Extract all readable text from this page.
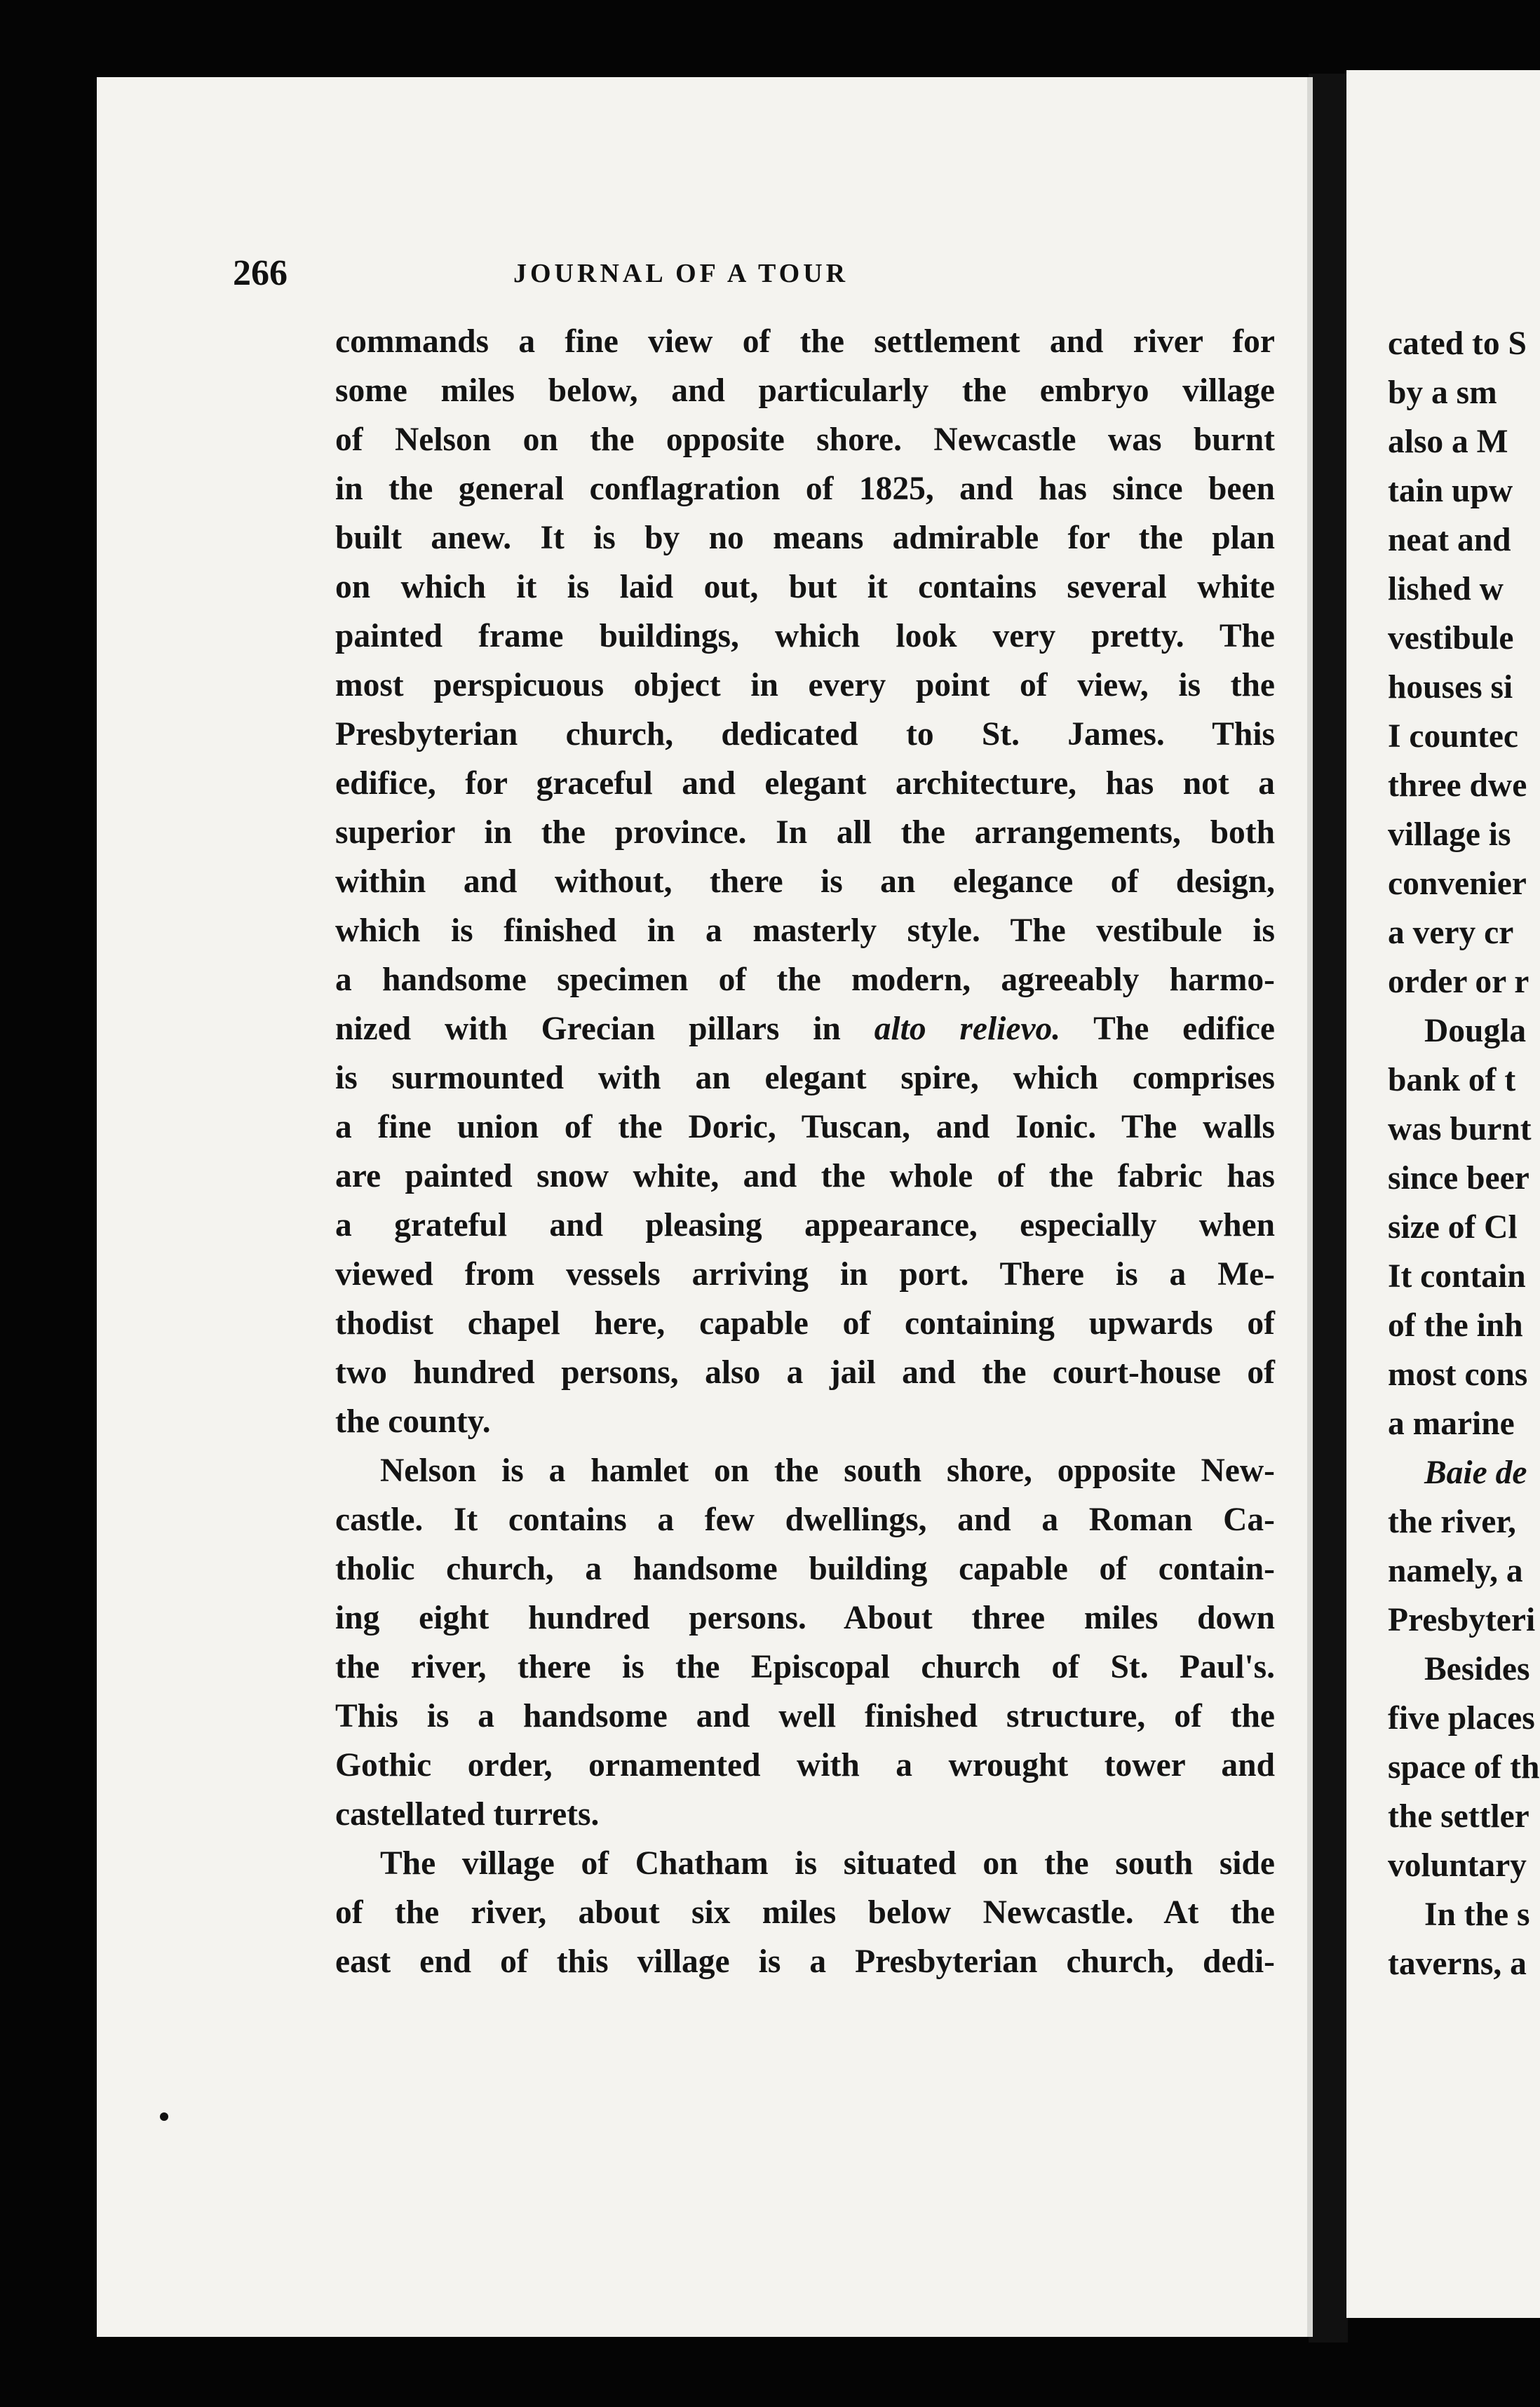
cated to S
by a sm
also a M
tain upw
neat and
lished w
vestibule
houses si
I countec
three dwe
village is
convenier
a very cr
order or r
Dougla
bank of t
was burnt
since beer
size of Cl
It contain
of the inh
most cons
a marine
Baie de
the river,
namely, a
Presbyteri
Besides
five places
space of th
the settler
voluntary
In the s
taverns, a
266	JOURNAL OF A TOUR
commands a fine view of the settlement and river for
some miles below, and particularly the embryo village
of Nelson on the opposite shore. Newcastle was burnt
in the general conflagration of 1825, and has since been
built anew. It is by no means admirable for the plan
on which it is laid out, but it contains several white
painted frame buildings, which look very pretty. The
most perspicuous object in every point of view, is the
Presbyterian church, dedicated to St. James. This
edifice, for graceful and elegant architecture, has not a
superior in the province. In all the arrangements, both
within and without, there is an elegance of design,
which is finished in a masterly style. The vestibule is
a handsome specimen of the modern, agreeably harmo-
nized with Grecian pillars in alto relievo. The edifice
is surmounted with an elegant spire, which comprises
a fine union of the Doric, Tuscan, and Ionic. The walls
are painted snow white, and the whole of the fabric has
a grateful and pleasing appearance, especially when
viewed from vessels arriving in port. There is a Me-
thodist chapel here, capable of containing upwards of
two hundred persons, also a jail and the court-house of
the county.
Nelson is a hamlet on the south shore, opposite New-
castle. It contains a few dwellings, and a Roman Ca-
tholic church, a handsome building capable of contain-
ing eight hundred persons. About three miles down
the river, there is the Episcopal church of St. Paul's.
This is a handsome and well finished structure, of the
Gothic order, ornamented with a wrought tower and
castellated turrets.
The village of Chatham is situated on the south side
of the river, about six miles below Newcastle. At the
east end of this village is a Presbyterian church, dedi-
